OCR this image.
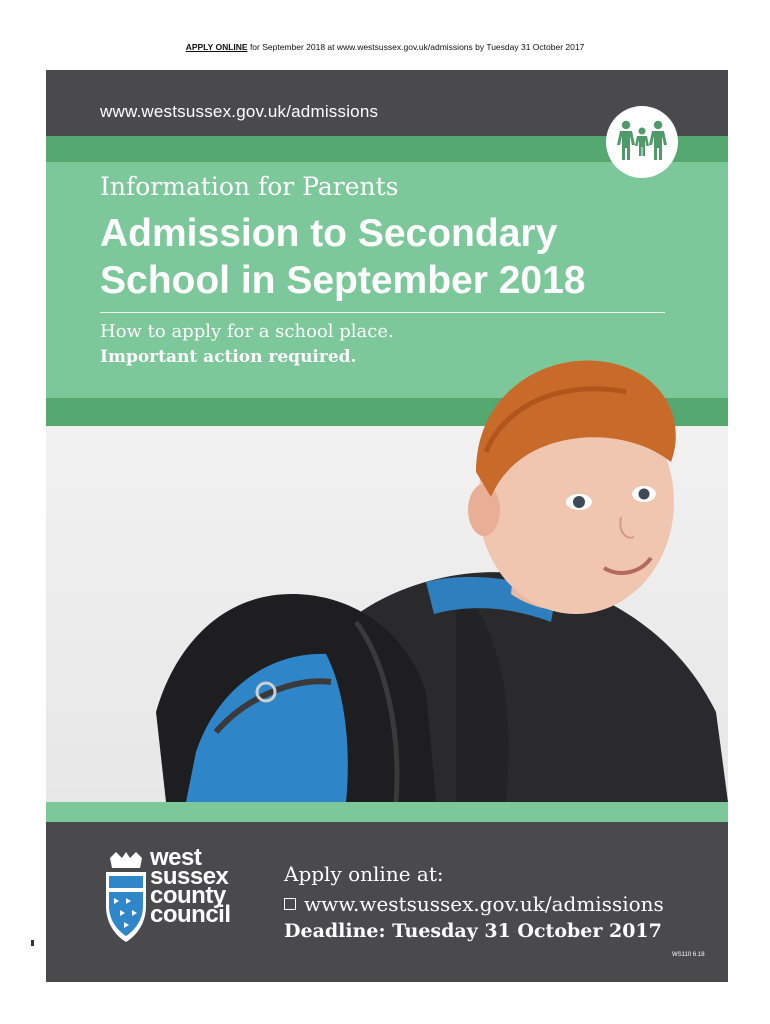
APPLY ONLINE for September 2018 at www.westsussex.gov.uk/admissions by Tuesday 31 October 2017
www.westsussex.gov.uk/admissions
Information for Parents
Admission to Secondary
School in September 2018
How to apply for a school place.
Important action required.
west
sussex
county
council
Apply online at:
www.westsussex.gov.uk/admissions
Deadline: Tuesday 31 October 2017
WS110 6.18
